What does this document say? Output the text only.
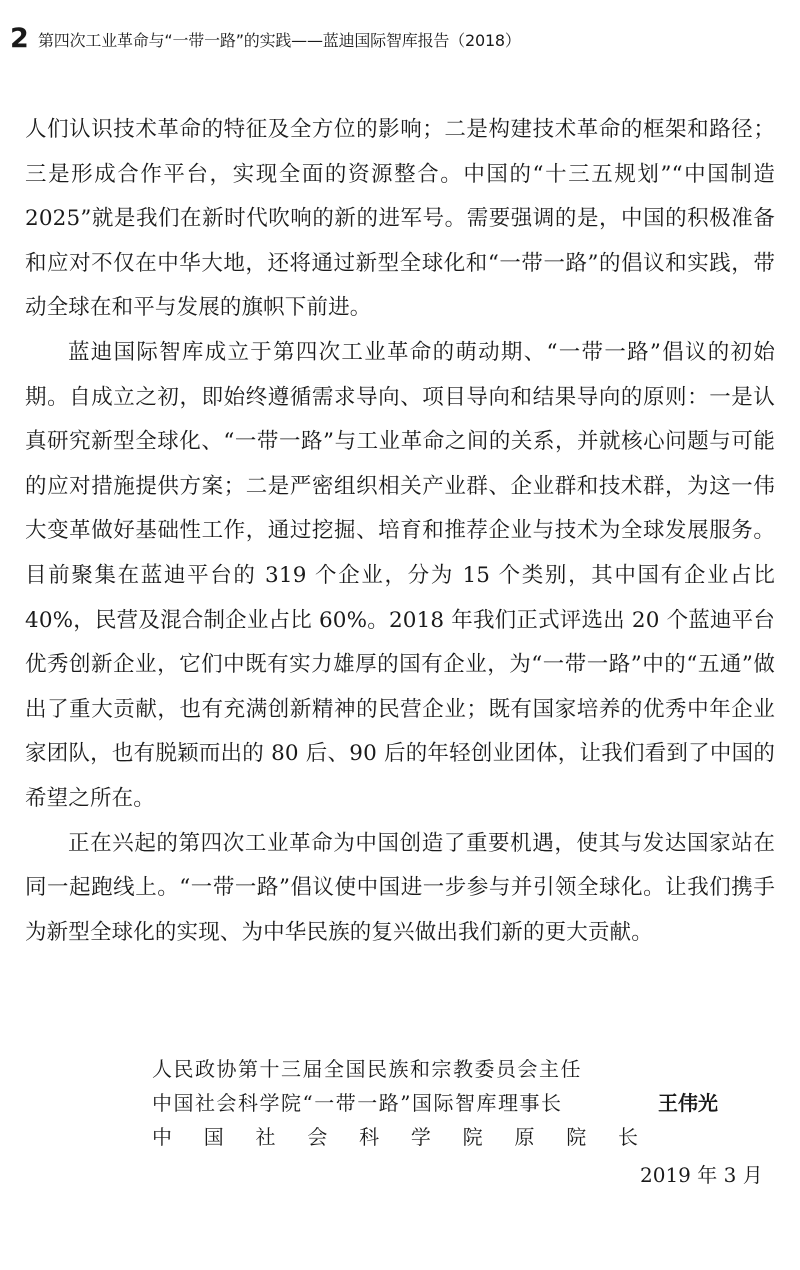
2 第四次工业革命与“一带一路”的实践——蓝迪国际智库报告（2018）

人们认识技术革命的特征及全方位的影响；二是构建技术革命的框架和路径；三是形成合作平台，实现全面的资源整合。中国的“十三五规划”“中国制造 2025”就是我们在新时代吹响的新的进军号。需要强调的是，中国的积极准备和应对不仅在中华大地，还将通过新型全球化和“一带一路”的倡议和实践，带动全球在和平与发展的旗帜下前进。

蓝迪国际智库成立于第四次工业革命的萌动期、“一带一路”倡议的初始期。自成立之初，即始终遵循需求导向、项目导向和结果导向的原则：一是认真研究新型全球化、“一带一路”与工业革命之间的关系，并就核心问题与可能的应对措施提供方案；二是严密组织相关产业群、企业群和技术群，为这一伟大变革做好基础性工作，通过挖掘、培育和推荐企业与技术为全球发展服务。目前聚集在蓝迪平台的 319 个企业，分为 15 个类别，其中国有企业占比 40%，民营及混合制企业占比 60%。2018 年我们正式评选出 20 个蓝迪平台优秀创新企业，它们中既有实力雄厚的国有企业，为“一带一路”中的“五通”做出了重大贡献，也有充满创新精神的民营企业；既有国家培养的优秀中年企业家团队，也有脱颖而出的 80 后、90 后的年轻创业团体，让我们看到了中国的希望之所在。

正在兴起的第四次工业革命为中国创造了重要机遇，使其与发达国家站在同一起跑线上。“一带一路”倡议使中国进一步参与并引领全球化。让我们携手为新型全球化的实现、为中华民族的复兴做出我们新的更大贡献。

人民政协第十三届全国民族和宗教委员会主任
中国社会科学院“一带一路”国际智库理事长
中 国 社 会 科 学 院 原 院 长
王伟光
2019 年 3 月
